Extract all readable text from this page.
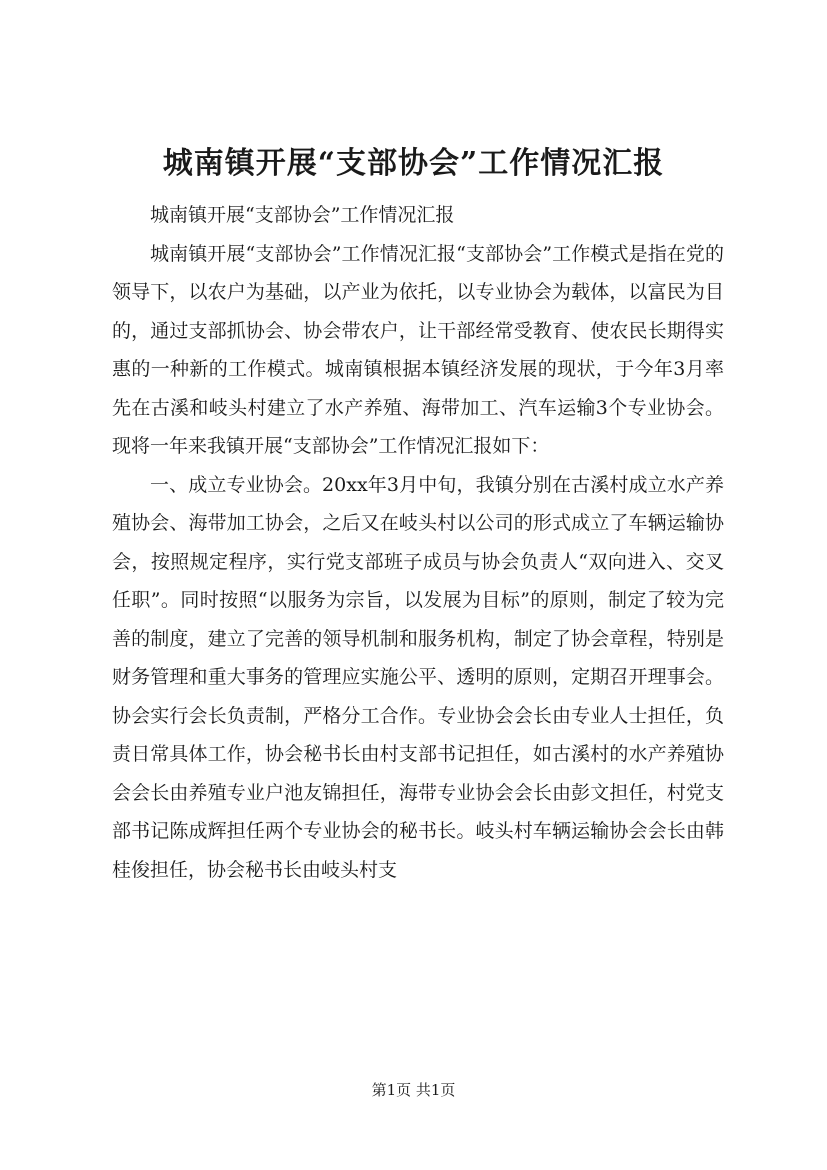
城南镇开展“支部协会”工作情况汇报

城南镇开展“支部协会”工作情况汇报

城南镇开展“支部协会”工作情况汇报“支部协会”工作模式是指在党的领导下，以农户为基础，以产业为依托，以专业协会为载体，以富民为目的，通过支部抓协会、协会带农户，让干部经常受教育、使农民长期得实惠的一种新的工作模式。城南镇根据本镇经济发展的现状，于今年3月率先在古溪和岐头村建立了水产养殖、海带加工、汽车运输3个专业协会。现将一年来我镇开展“支部协会”工作情况汇报如下：

一、成立专业协会。20xx年3月中旬，我镇分别在古溪村成立水产养殖协会、海带加工协会，之后又在岐头村以公司的形式成立了车辆运输协会，按照规定程序，实行党支部班子成员与协会负责人“双向进入、交叉任职”。同时按照“以服务为宗旨，以发展为目标”的原则，制定了较为完善的制度，建立了完善的领导机制和服务机构，制定了协会章程，特别是财务管理和重大事务的管理应实施公平、透明的原则，定期召开理事会。协会实行会长负责制，严格分工合作。专业协会会长由专业人士担任，负责日常具体工作，协会秘书长由村支部书记担任，如古溪村的水产养殖协会会长由养殖专业户池友锦担任，海带专业协会会长由彭文担任，村党支部书记陈成辉担任两个专业协会的秘书长。岐头村车辆运输协会会长由韩桂俊担任，协会秘书长由岐头村支

第1页 共1页
